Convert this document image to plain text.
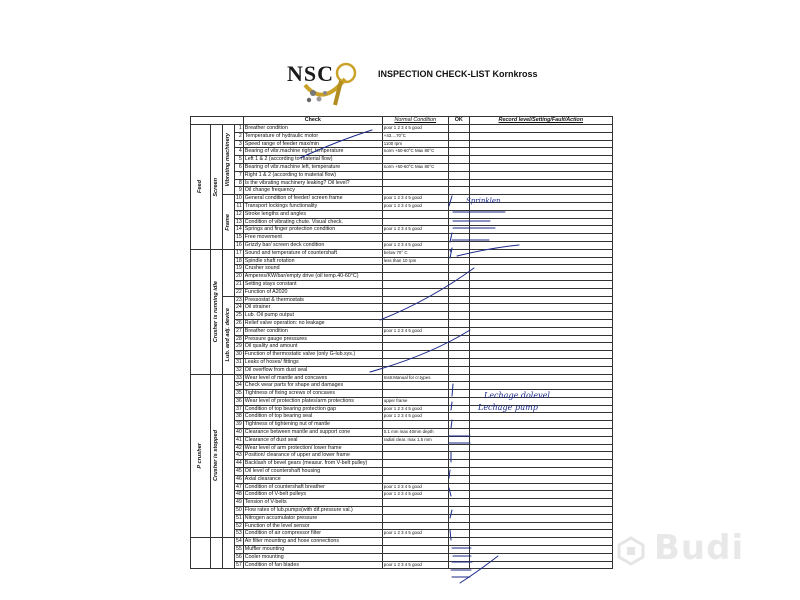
NSC	INSPECTION CHECK-LIST Kornkross
				Check	Normal Condition	OK	Record level/Setting/Fault/Action

Feed	Screen	Vibrating machinery	1	Breather condition	poor 1 2 3 4 5 good		
			2	Temperature of hydraulic motor	+43....70°C		
			3	Speed range of feeder max/min	1100 rpm		
			4	Bearing of vibr.machine right, temperature	norm +50-60°C Max 80°C		
			5	Left 1 & 2 (according to material flow)			
			6	Bearing of vibr.machine left, temperature	norm +50-60°C Max 80°C		
			7	Right 1 & 2 (according to material flow)			
			8	Is the vibrating machinery leaking? Oil level?			
			9	Oil change frequency			

		Frame	10	General condition of feeder/ screen frame	poor 1 2 3 4 5 good		
			11	Transport lockings functionality	poor 1 2 3 4 5 good		
			12	Stroke lengths and angles			
			13	Condition of vibrating chute. Visual check.			
			14	Springs and finger protection condition	poor 1 2 3 4 5 good		
			15	Free movement			
			16	Grizzly bar/ screen deck condition	poor 1 2 3 4 5 good		

	Crusher is running idle		17	Sound and temperature of countershaft	below 70° C		
			18	Spindle shaft rotation	less than 10 rpm		
			19	Crusher sound			
			20	Amperes/KW/bar/empty drive (oil temp.40-60°C)			
			21	Setting stays constant			
			22	Function of A2020			

		Lub. and adj. device	23	Pressostat & thermostats			
			24	Oil strainer			
			25	Lub. Oil pump output			
			26	Relief valve operation: no leakage			
			27	Breather condition	poor 1 2 3 4 5 good		
			28	Pressure gauge pressures			
			29	Oil quality and amount			
			30	Function of thermostatic valve (only G-lub.sys.)			
			31	Leaks of hoses/ fittings			
			32	Oil overflow from dust seal			

P crusher	Crusher is stopped		33	Wear level of mantle and concaves	Instr.Manual for cr.types		
			34	Check wear parts for shape and damages			
			35	Tightness of fixing screws of concaves			
			36	Wear level of protection plates/arm protections	upper frame		
			37	Condition of top bearing protection gap	poor 1 2 3 4 5 good		
			38	Condition of top bearing seal	poor 1 2 3 4 5 good		
			39	Tightness of tightening nut of mantle			
			40	Clearance between mantle and support cone	0.1 mm max 40mm depth		
			41	Clearance of dust seal	radial clear. max 1.5 mm		
			42	Wear level of arm protection/ lower frame			
			43	Position/ clearance of upper and lower frame			
			44	Backlash of bevel gears (measur. from V-belt pulley)			
			45	Oil level of countershaft housing			
			46	Axial clearance			
			47	Condition of countershaft breather	poor 1 2 3 4 5 good		
			48	Condition of V-belt pulleys	poor 1 2 3 4 5 good		
			49	Tension of V-belts			
			50	Flow rates of lub.pumps(with dif.pressure val.)			
			51	Nitrogen accumulator pressure			
			52	Function of the level sensor			
			53	Condition of air compressor filter	poor 1 2 3 4 5 good		

	54	Air filter mounting and hose connections			
			55	Muffler mounting			
			56	Cooler mounting			
			57	Condition of fan blades	poor 1 2 3 4 5 good		
Sprinklen
Lechage dolevel
Lechage pump
Budi
